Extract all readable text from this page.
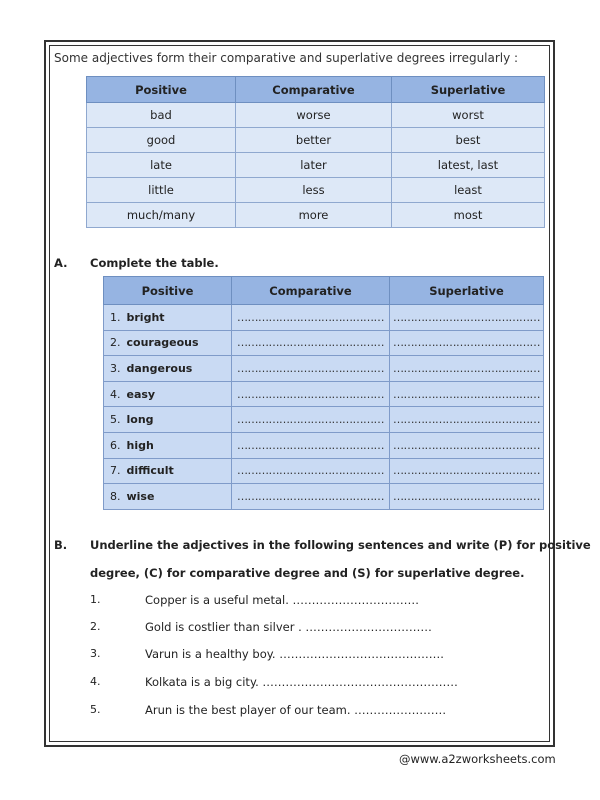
Some adjectives form their comparative and superlative degrees irregularly :
Positive	Comparative	Superlative
bad	worse	worst
good	better	best
late	later	latest, last
little	less	least
much/many	more	most
A. Complete the table.
Positive	Comparative	Superlative
1. bright	……………………………………	……………………………………
2. courageous	……………………………………	……………………………………
3. dangerous	……………………………………	……………………………………
4. easy	……………………………………	……………………………………
5. long	……………………………………	……………………………………
6. high	……………………………………	……………………………………
7. difficult	……………………………………	……………………………………
8. wise	……………………………………	……………………………………
B. Underline the adjectives in the following sentences and write (P) for positive
degree, (C) for comparative degree and (S) for superlative degree.
1.	Copper is a useful metal. ……………………………
2.	Gold is costlier than silver . ……………………………
3.	Varun is a healthy boy. …………………………………….
4.	Kolkata is a big city. ……………………………………………
5.	Arun is the best player of our team. ……………………
@www.a2zworksheets.com
